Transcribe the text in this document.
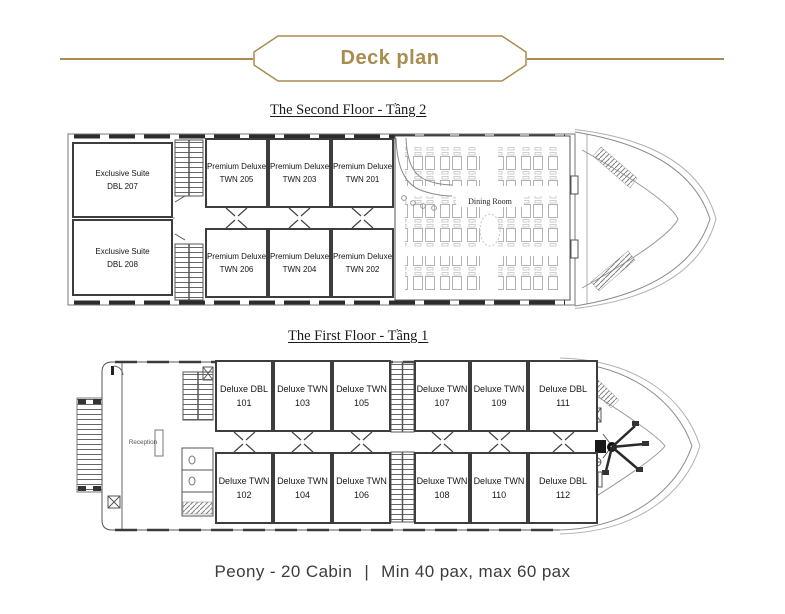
Deck plan
The Second Floor - Tầng 2
Dining Room
Exclusive Suite
DBL 207
Exclusive Suite
DBL 208
Premium Deluxe
TWN 205
Premium Deluxe
TWN 203
Premium Deluxe
TWN 201
Premium Deluxe
TWN 206
Premium Deluxe
TWN 204
Premium Deluxe
TWN 202
The First Floor - Tầng 1
Reception
Deluxe DBL
101
Deluxe TWN
103
Deluxe TWN
105
Deluxe TWN
107
Deluxe TWN
109
Deluxe DBL
111
Deluxe TWN
102
Deluxe TWN
104
Deluxe TWN
106
Deluxe TWN
108
Deluxe TWN
110
Deluxe DBL
112
Peony - 20 Cabin | Min 40 pax, max 60 pax
